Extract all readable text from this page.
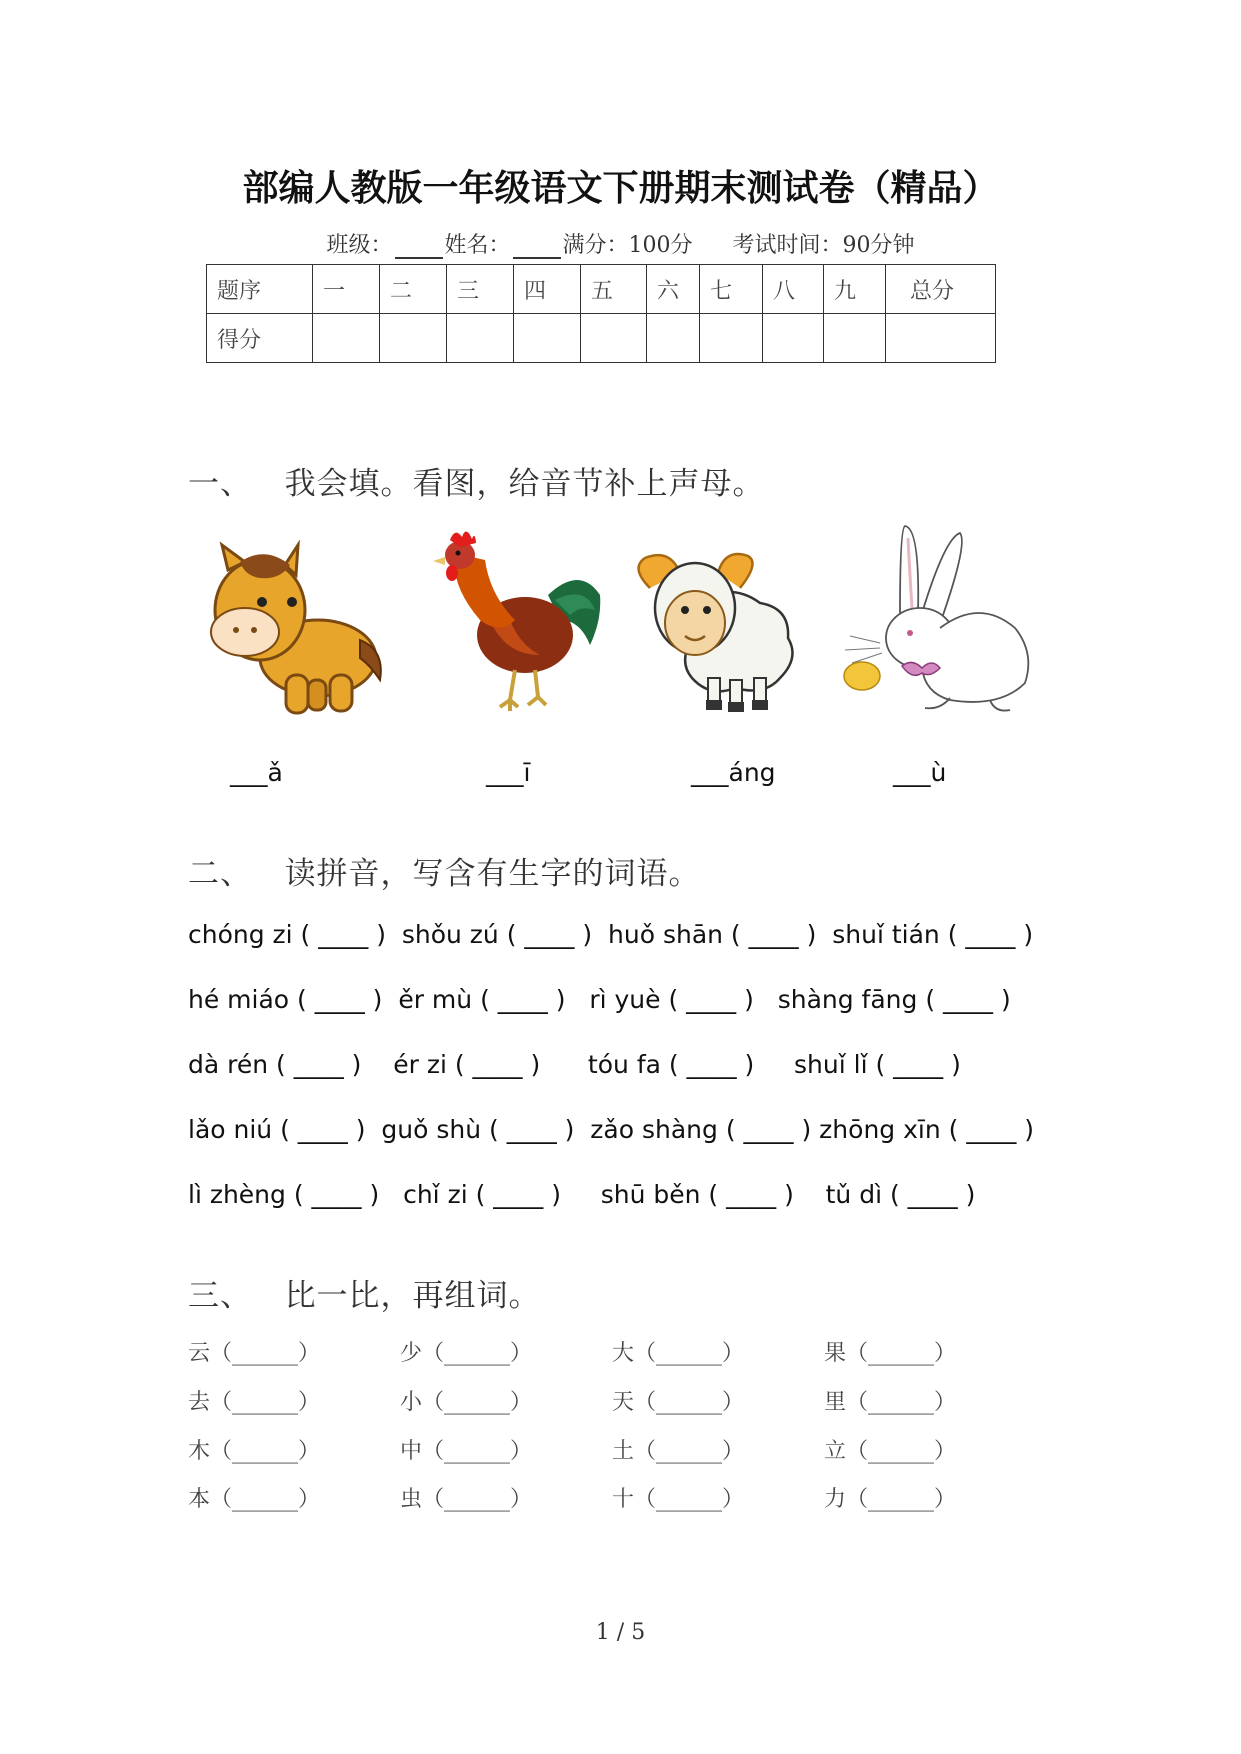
部编人教版一年级语文下册期末测试卷（精品）
班级： 姓名： 满分：100分 考试时间：90分钟
题序	一	二	三	四	五	六	七	八	九	总分
得分										
一、 我会填。看图，给音节补上声母。
___ǎ	___ī	___áng	___ù
二、 读拼音，写含有生字的词语。
chóng zi ( ____ )  shǒu zú ( ____ )  huǒ shān ( ____ )  shuǐ tián ( ____ )
hé miáo ( ____ )  ěr mù ( ____ )   rì yuè ( ____ )   shàng fāng ( ____ )
dà rén ( ____ )    ér zi ( ____ )      tóu fa ( ____ )     shuǐ lǐ ( ____ )
lǎo niú ( ____ )  guǒ shù ( ____ )  zǎo shàng ( ____ ) zhōng xīn ( ____ )
lì zhèng ( ____ )   chǐ zi ( ____ )     shū běn ( ____ )    tǔ dì ( ____ )
三、 比一比，再组词。
云（______）	少（______）	大（______）	果（______）
去（______）	小（______）	天（______）	里（______）
木（______）	中（______）	土（______）	立（______）
本（______）	虫（______）	十（______）	力（______）
1 / 5
